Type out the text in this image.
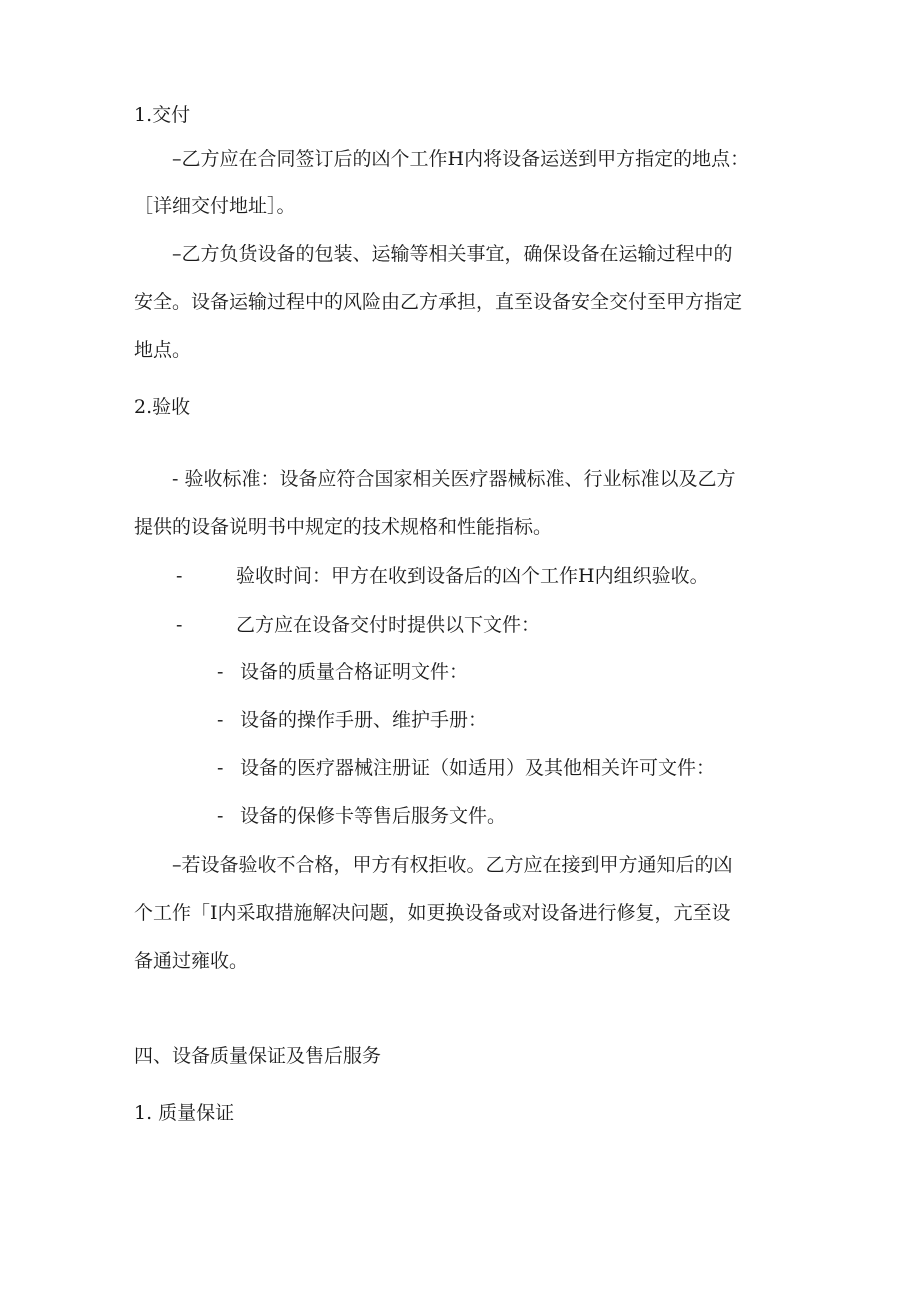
1.交付
–乙方应在合同签订后的凶个工作H内将设备运送到甲方指定的地点：
［详细交付地址］。
–乙方负货设备的包装、运输等相关事宜，确保设备在运输过程中的
安全。设备运输过程中的风险由乙方承担，直至设备安全交付至甲方指定
地点。
2.验收
- 验收标准：设备应符合国家相关医疗器械标准、行业标准以及乙方
提供的设备说明书中规定的技术规格和性能指标。
-	验收时间：甲方在收到设备后的凶个工作H内组织验收。
-	乙方应在设备交付时提供以下文件：
- 设备的质量合格证明文件：
- 设备的操作手册、维护手册：
- 设备的医疗器械注册证（如适用）及其他相关许可文件：
- 设备的保修卡等售后服务文件。
–若设备验收不合格，甲方有权拒收。乙方应在接到甲方通知后的凶
个工作「I内采取措施解决问题，如更换设备或对设备进行修复，亢至设
备通过雍收。
四、设备质量保证及售后服务
1. 质量保证
